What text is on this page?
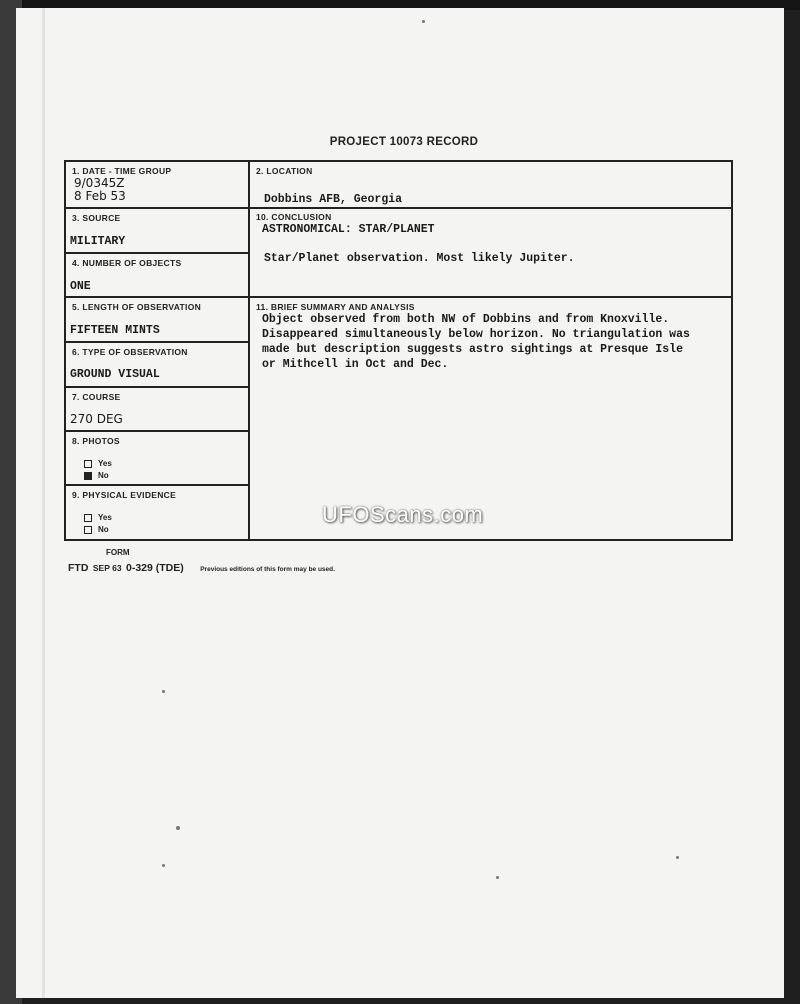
PROJECT 10073 RECORD
1. DATE - TIME GROUP
9/0345Z
8 Feb 53
2. LOCATION
Dobbins AFB, Georgia
3. SOURCE
MILITARY
10. CONCLUSION
ASTRONOMICAL: STAR/PLANET
Star/Planet observation. Most likely Jupiter.
4. NUMBER OF OBJECTS
ONE
5. LENGTH OF OBSERVATION
FIFTEEN MINTS
11. BRIEF SUMMARY AND ANALYSIS
Object observed from both NW of Dobbins and from Knoxville.
Disappeared simultaneously below horizon. No triangulation was
made but description suggests astro sightings at Presque Isle
or Mithcell in Oct and Dec.
6. TYPE OF OBSERVATION
GROUND VISUAL
7. COURSE
270 DEG
8. PHOTOS
Yes
No
9. PHYSICAL EVIDENCE
Yes
No
FORM
FTD SEP 63 0-329 (TDE)	Previous editions of this form may be used.
UFOScans.com
